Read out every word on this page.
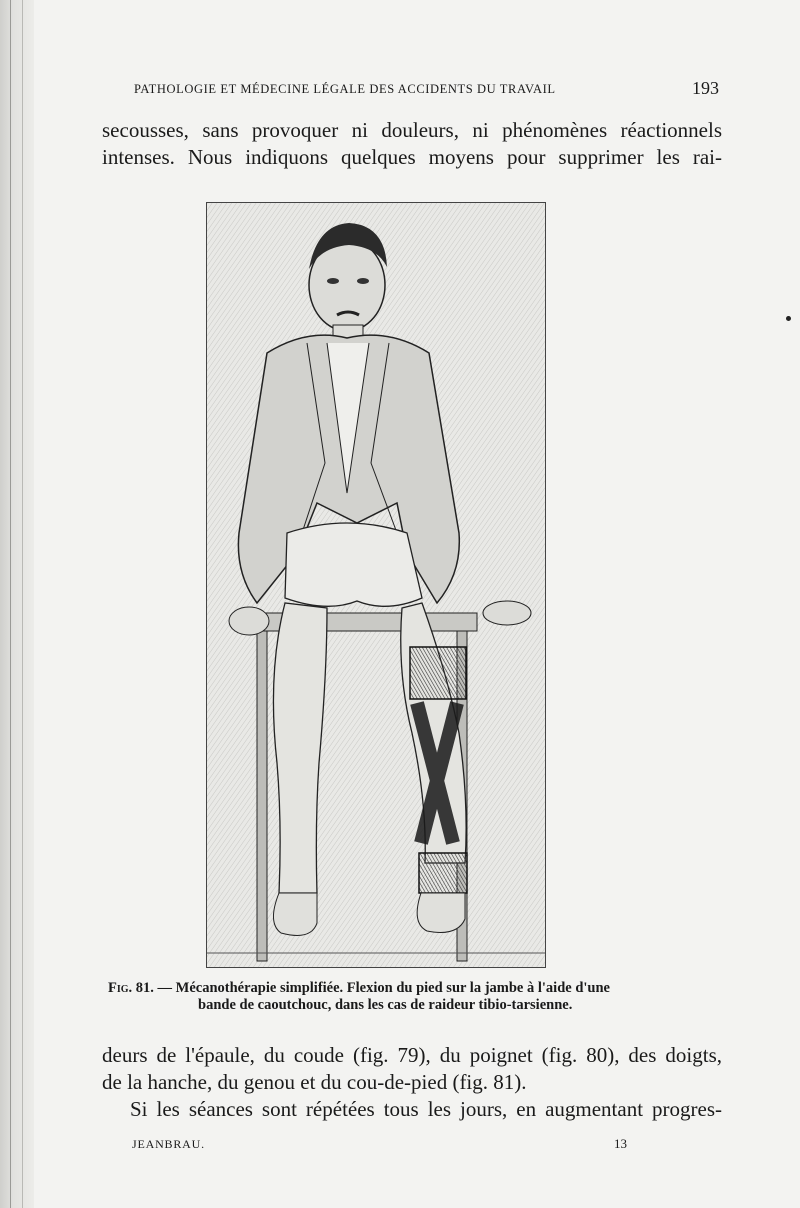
PATHOLOGIE ET MÉDECINE LÉGALE DES ACCIDENTS DU TRAVAIL	193
secousses, sans provoquer ni douleurs, ni phénomènes réactionnels
intenses. Nous indiquons quelques moyens pour supprimer les rai-
Fig. 81. — Mécanothérapie simplifiée. Flexion du pied sur la jambe à l'aide d'une
bande de caoutchouc, dans les cas de raideur tibio-tarsienne.
deurs de l'épaule, du coude (fig. 79), du poignet (fig. 80), des doigts,
de la hanche, du genou et du cou-de-pied (fig. 81).
Si les séances sont répétées tous les jours, en augmentant progres-
JEANBRAU.	13
